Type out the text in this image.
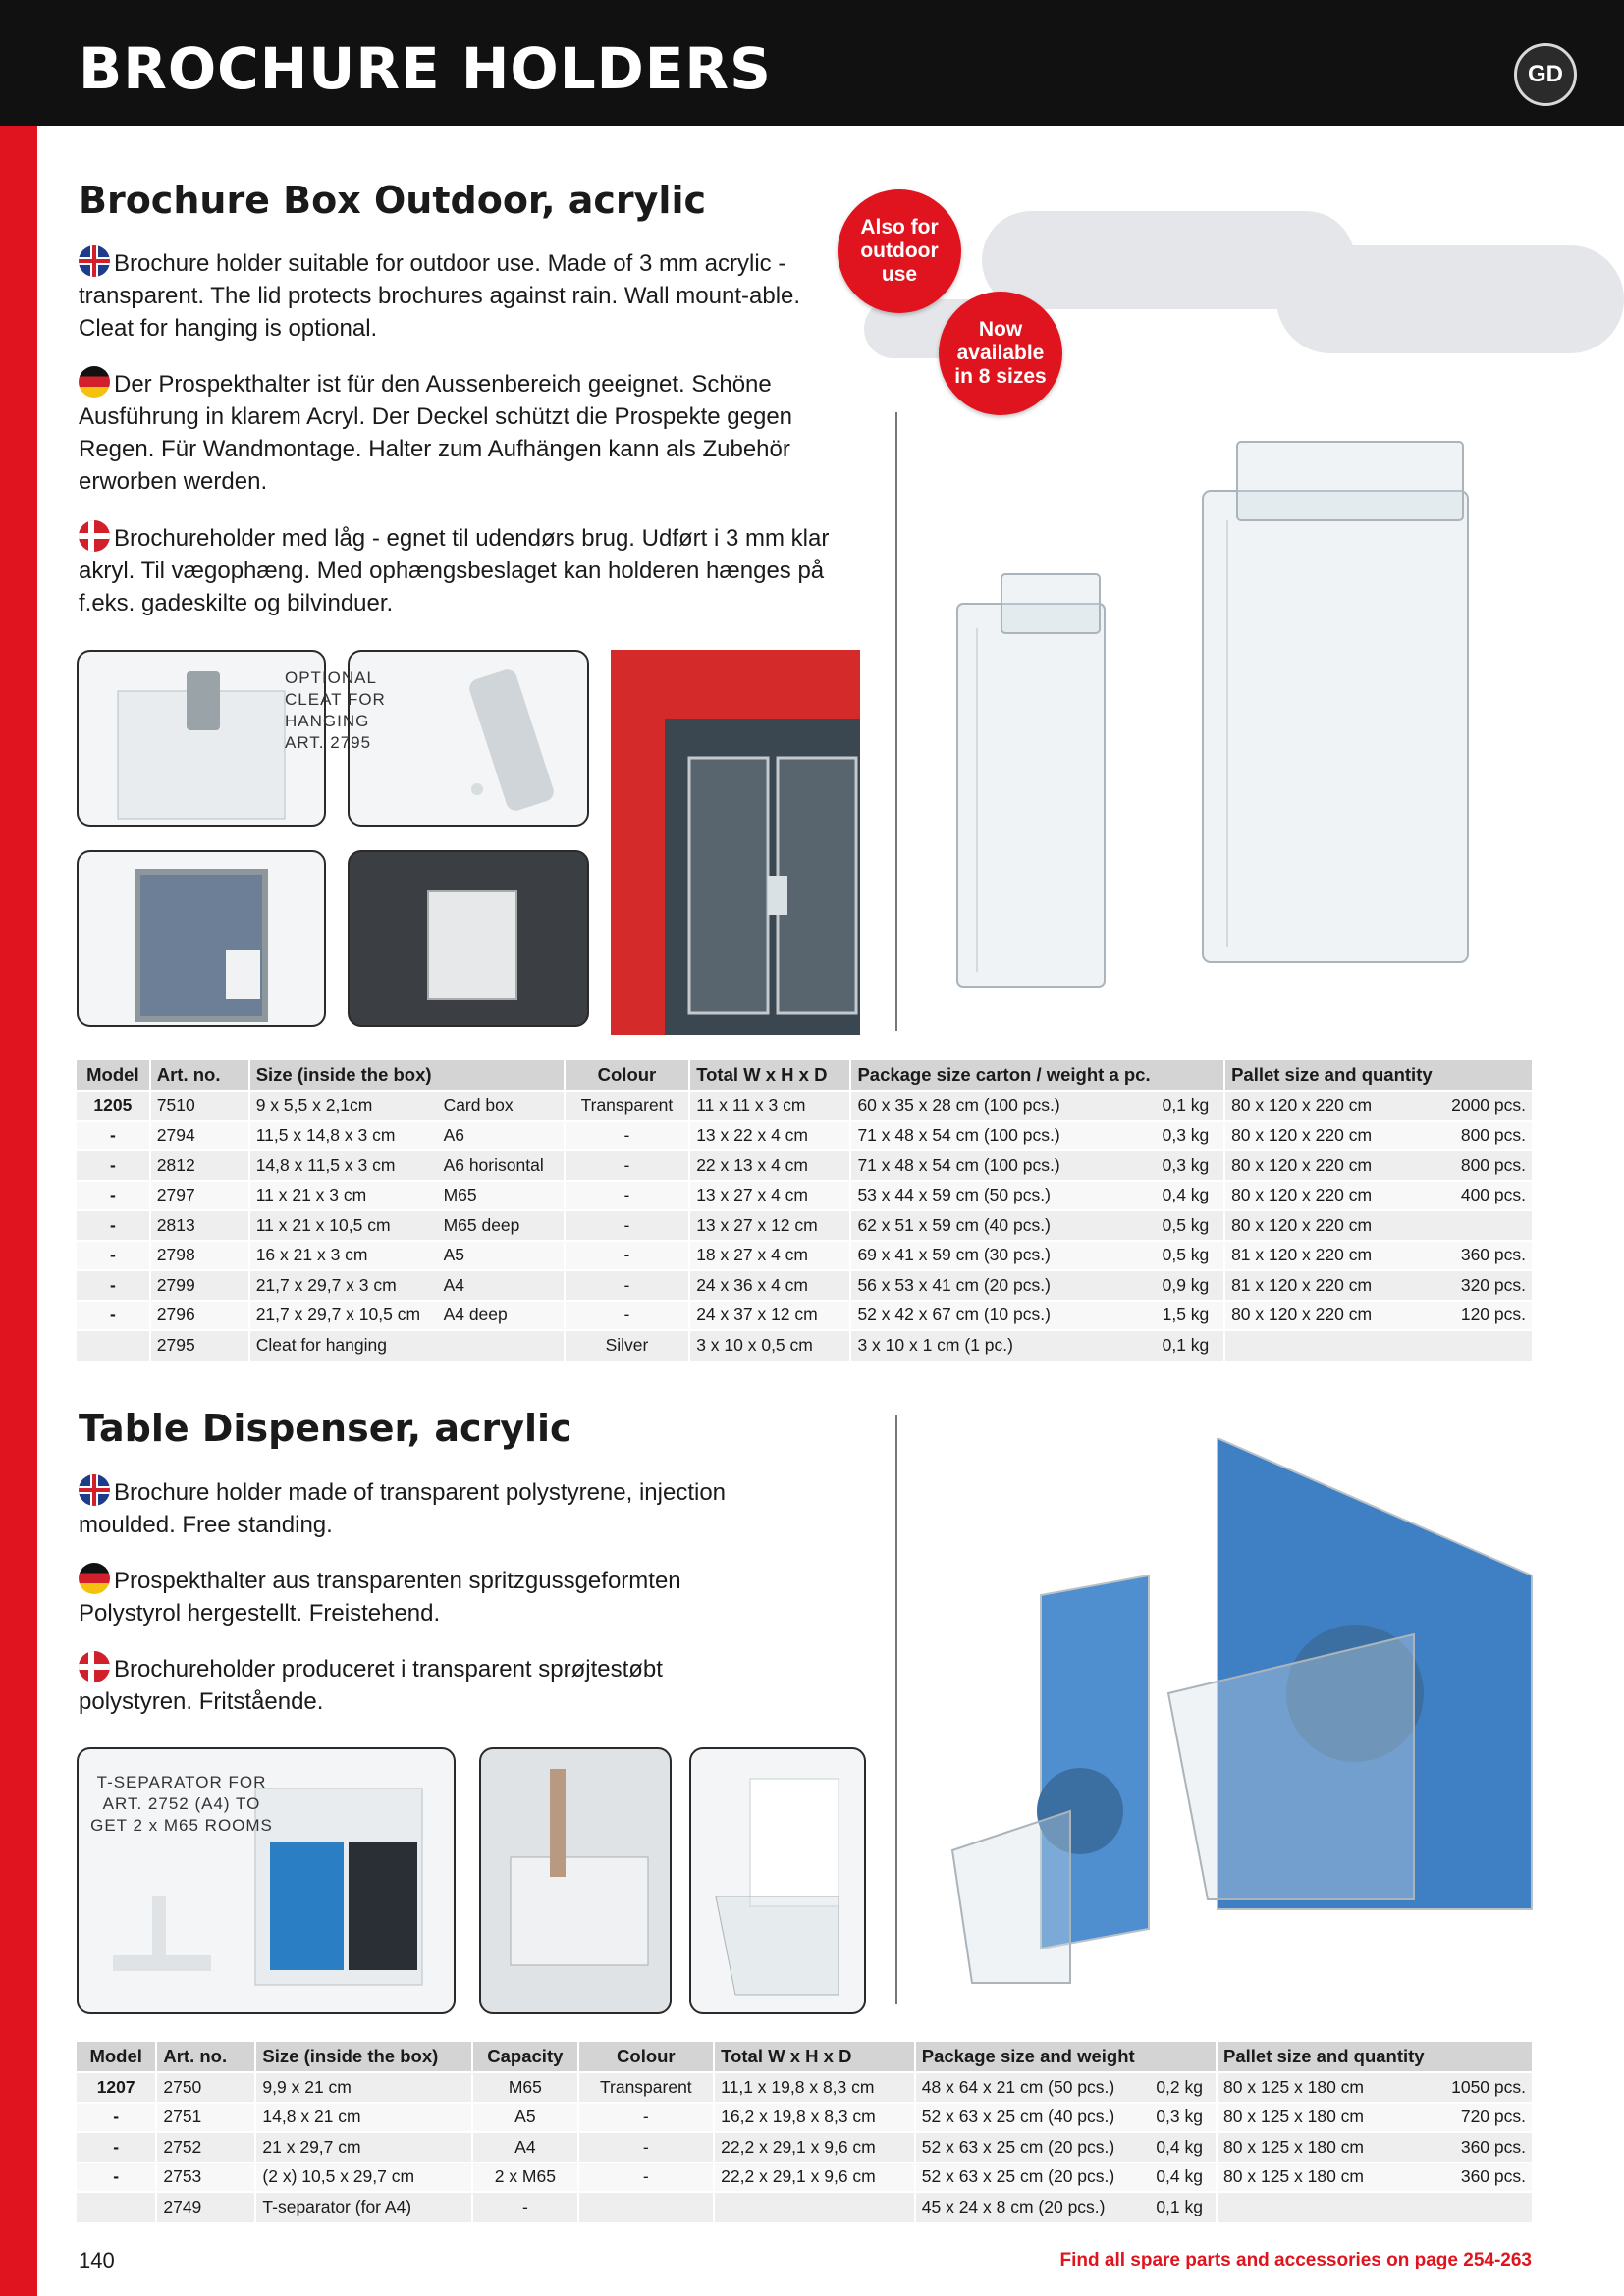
BROCHURE HOLDERS	GD
Brochure Box Outdoor, acrylic
Brochure holder suitable for outdoor use. Made of 3 mm acrylic - transparent. The lid protects brochures against rain. Wall mount-able. Cleat for hanging is optional.
Der Prospekthalter ist für den Aussenbereich geeignet. Schöne Ausführung in klarem Acryl. Der Deckel schützt die Prospekte gegen Regen. Für Wandmontage. Halter zum Aufhängen kann als Zubehör erworben werden.
Brochureholder med låg - egnet til udendørs brug. Udført i 3 mm klar akryl. Til vægophæng. Med ophængsbeslaget kan holderen hænges på f.eks. gadeskilte og bilvinduer.
Also for outdoor use
Now available in 8 sizes
OPTIONAL CLEAT FOR HANGING ART. 2795
Model	Art. no.	Size (inside the box)		Colour	Total W x H x D	Package size carton / weight a pc.		Pallet size and quantity	
1205	7510	9 x 5,5 x 2,1cm	Card box	Transparent	11 x 11 x 3 cm	60 x 35 x 28 cm (100 pcs.)	0,1 kg	80 x 120 x 220 cm	2000 pcs.
-	2794	11,5 x 14,8 x 3 cm	A6	-	13 x 22 x 4 cm	71 x 48 x 54 cm (100 pcs.)	0,3 kg	80 x 120 x 220 cm	800 pcs.
-	2812	14,8 x 11,5 x 3 cm	A6 horisontal	-	22 x 13 x 4 cm	71 x 48 x 54 cm (100 pcs.)	0,3 kg	80 x 120 x 220 cm	800 pcs.
-	2797	11 x 21 x 3 cm	M65	-	13 x 27 x 4 cm	53 x 44 x 59 cm (50 pcs.)	0,4 kg	80 x 120 x 220 cm	400 pcs.
-	2813	11 x 21 x 10,5 cm	M65 deep	-	13 x 27 x 12 cm	62 x 51 x 59 cm (40 pcs.)	0,5 kg	80 x 120 x 220 cm	
-	2798	16 x 21 x 3 cm	A5	-	18 x 27 x 4 cm	69 x 41 x 59 cm (30 pcs.)	0,5 kg	81 x 120 x 220 cm	360 pcs.
-	2799	21,7 x 29,7 x 3 cm	A4	-	24 x 36 x 4 cm	56 x 53 x 41 cm (20 pcs.)	0,9 kg	81 x 120 x 220 cm	320 pcs.
-	2796	21,7 x 29,7 x 10,5 cm	A4 deep	-	24 x 37 x 12 cm	52 x 42 x 67 cm (10 pcs.)	1,5 kg	80 x 120 x 220 cm	120 pcs.
	2795	Cleat for hanging		Silver	3 x 10 x 0,5 cm	3 x 10 x 1 cm (1 pc.)	0,1 kg		
Table Dispenser, acrylic
Brochure holder made of transparent polystyrene, injection moulded. Free standing.
Prospekthalter aus transparenten spritzgussgeformten Polystyrol hergestellt. Freistehend.
Brochureholder produceret i transparent sprøjtestøbt polystyren. Fritstående.
T-SEPARATOR FOR ART. 2752 (A4) TO GET 2 x M65 ROOMS
Model	Art. no.	Size (inside the box)	Capacity	Colour	Total W x H x D	Package size and weight		Pallet size and quantity	
1207	2750	9,9 x 21 cm	M65	Transparent	11,1 x 19,8 x 8,3 cm	48 x 64 x 21 cm (50 pcs.)	0,2 kg	80 x 125 x 180 cm	1050 pcs.
-	2751	14,8 x 21 cm	A5	-	16,2 x 19,8 x 8,3 cm	52 x 63 x 25 cm (40 pcs.)	0,3 kg	80 x 125 x 180 cm	720 pcs.
-	2752	21 x 29,7 cm	A4	-	22,2 x 29,1 x 9,6 cm	52 x 63 x 25 cm (20 pcs.)	0,4 kg	80 x 125 x 180 cm	360 pcs.
-	2753	(2 x) 10,5 x 29,7 cm	2 x M65	-	22,2 x 29,1 x 9,6 cm	52 x 63 x 25 cm (20 pcs.)	0,4 kg	80 x 125 x 180 cm	360 pcs.
	2749	T-separator (for A4)	-			45 x 24 x 8 cm (20 pcs.)	0,1 kg		
140	Find all spare parts and accessories on page 254-263
